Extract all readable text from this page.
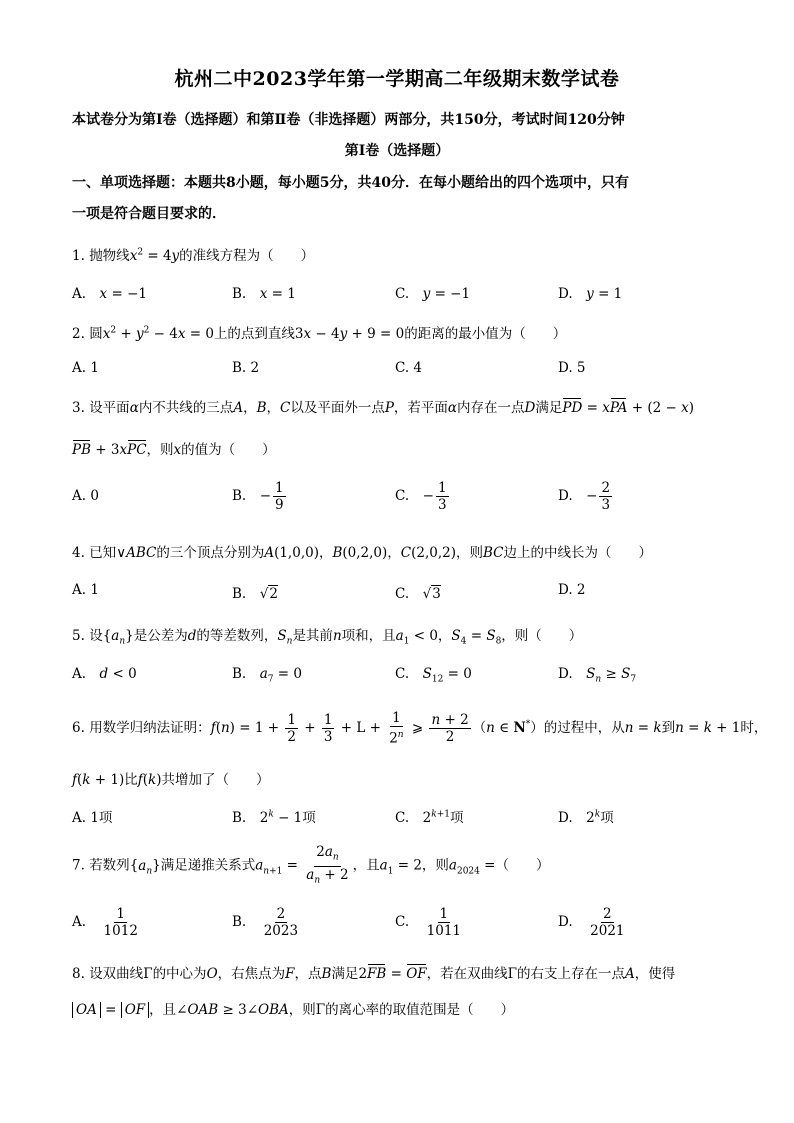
杭州二中2023学年第一学期高二年级期末数学试卷
本试卷分为第Ⅰ卷（选择题）和第Ⅱ卷（非选择题）两部分，共150分，考试时间120分钟
第Ⅰ卷（选择题）
一、单项选择题：本题共8小题，每小题5分，共40分．在每小题给出的四个选项中，只有
一项是符合题目要求的．
1. 抛物线$x^2 = 4y$的准线方程为（　　）
A.　 x = −1	B.　 x = 1	C.　 y = −1	D.　 y = 1
2. 圆$x^2 + y^2 - 4x = 0$上的点到直线3x − 4y + 9 = 0的距离的最小值为（　　）
A. 1	B. 2	C. 4	D. 5
3. 设平面α内不共线的三点A，B，C以及平面外一点P，若平面α内存在一点D满足PD = xPA + (2 − x)
PB + 3xPC，则x的值为（　　）
A. 0	B.　− $\frac{1}{9}$	C.　− $\frac{1}{3}$	D.　− $\frac{2}{3}$
4. 已知∨ABC的三个顶点分别为A(1,0,0)，B(0,2,0)，C(2,0,2)，则BC边上的中线长为（　　）
A. 1	B.　√2	C.　√3	D. 2
5. 设$\{a_n\}$是公差为d的等差数列，$S_n$是其前n项和，且$a_1 < 0$，$S_4 = S_8$，则（　　）
A.　 d < 0	B.　 $a_7 = 0$	C.　 $S_{12} = 0$	D.　 $S_n \ge S_7$
6. 用数学归纳法证明：$f(n) = 1 + \frac{1}{2} + \frac{1}{3} + L + \frac{1}{2^n}$ ⩾ $\frac{n + 2}{2} (n$ ∈ N*）的过程中，从n = k到n = k + 1时，
f(k + 1)比f(k)共增加了（　　）
A. 1项	B.　$2^k - 1$项	C.　$2^{k+1}$项	D.　2$^k$项
7. 若数列$\{a_n\}$满足递推关系式$a_{n+1} = \frac{2a_n}{a_n + 2}$ ，且$a_1 = 2$，则$a_{2024}$ =（　　）
A.　 $\frac{1}{1012}$	B.　 $\frac{2}{2023}$	C.　 $\frac{1}{1011}$	D.　 $\frac{2}{2021}$
8. 设双曲线Γ的中心为O，右焦点为F，点B满足2FB = OF，若在双曲线Γ的右支上存在一点A，使得
OA = OF ，且∠OAB ≥ 3∠OBA，则Γ的离心率的取值范围是（　　）
